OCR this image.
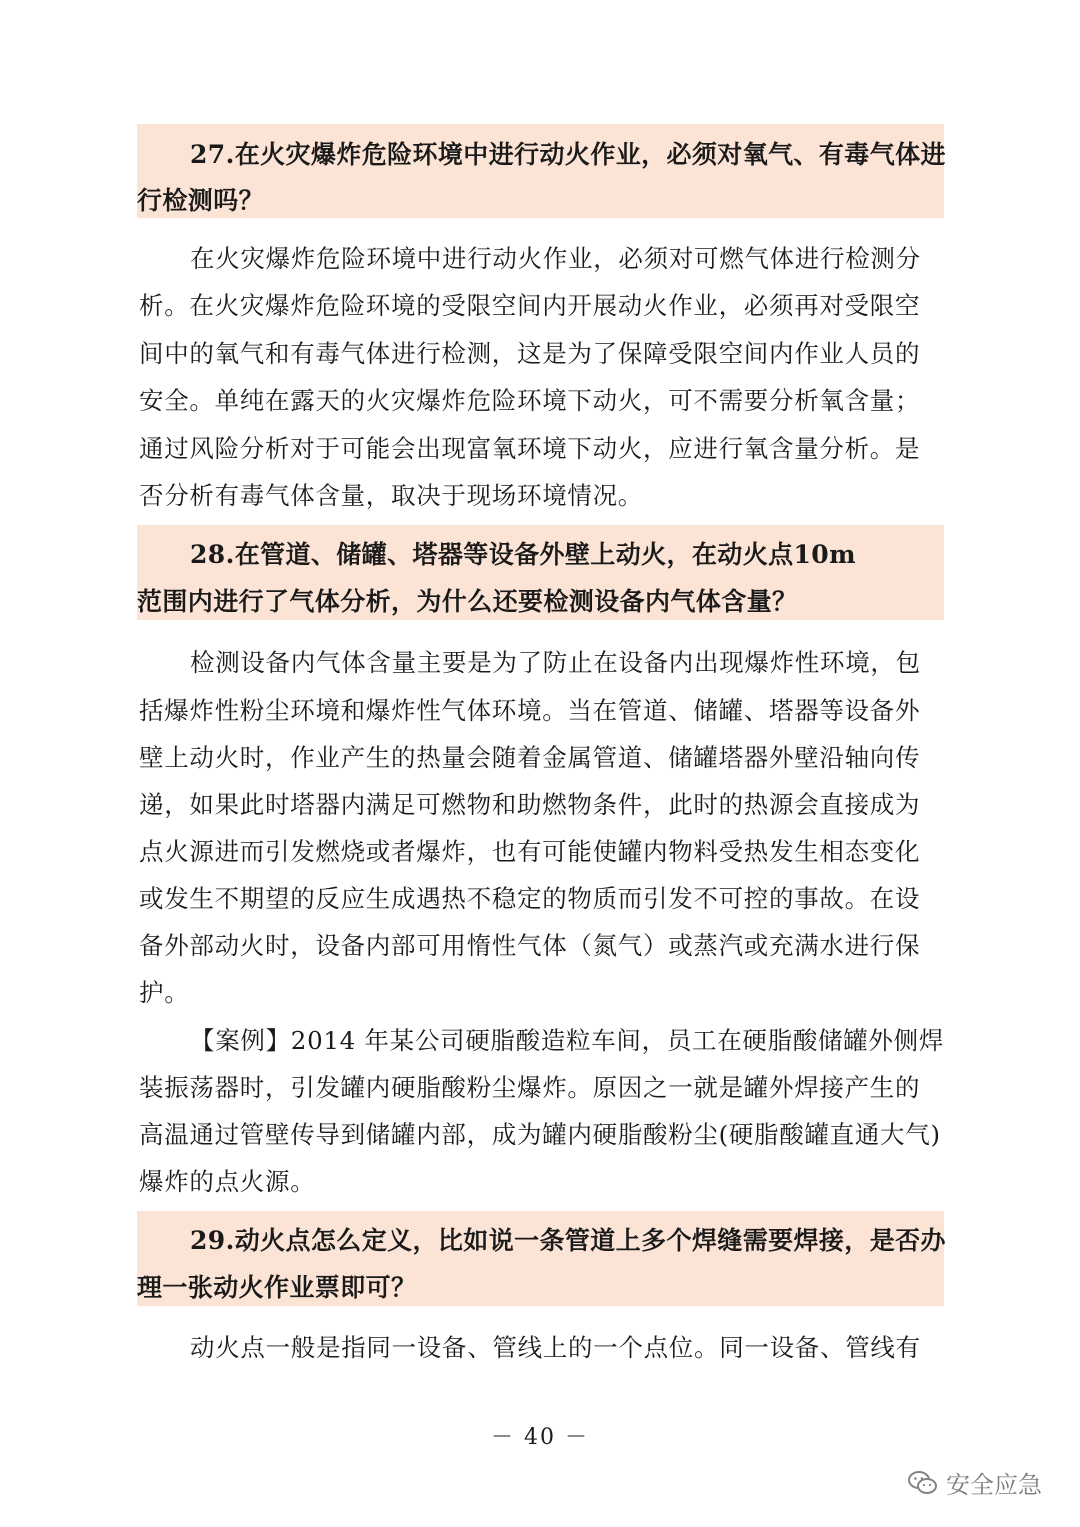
27.在火灾爆炸危险环境中进行动火作业，必须对氧气、有毒气体进
行检测吗？
在火灾爆炸危险环境中进行动火作业，必须对可燃气体进行检测分
析。在火灾爆炸危险环境的受限空间内开展动火作业，必须再对受限空
间中的氧气和有毒气体进行检测，这是为了保障受限空间内作业人员的
安全。单纯在露天的火灾爆炸危险环境下动火，可不需要分析氧含量；
通过风险分析对于可能会出现富氧环境下动火，应进行氧含量分析。是
否分析有毒气体含量，取决于现场环境情况。
28.在管道、储罐、塔器等设备外壁上动火，在动火点10m
范围内进行了气体分析，为什么还要检测设备内气体含量？
检测设备内气体含量主要是为了防止在设备内出现爆炸性环境，包
括爆炸性粉尘环境和爆炸性气体环境。当在管道、储罐、塔器等设备外
壁上动火时，作业产生的热量会随着金属管道、储罐塔器外壁沿轴向传
递，如果此时塔器内满足可燃物和助燃物条件，此时的热源会直接成为
点火源进而引发燃烧或者爆炸，也有可能使罐内物料受热发生相态变化
或发生不期望的反应生成遇热不稳定的物质而引发不可控的事故。在设
备外部动火时，设备内部可用惰性气体（氮气）或蒸汽或充满水进行保
护。
【案例】2014 年某公司硬脂酸造粒车间，员工在硬脂酸储罐外侧焊
装振荡器时，引发罐内硬脂酸粉尘爆炸。原因之一就是罐外焊接产生的
高温通过管壁传导到储罐内部，成为罐内硬脂酸粉尘(硬脂酸罐直通大气)
爆炸的点火源。
29.动火点怎么定义，比如说一条管道上多个焊缝需要焊接，是否办
理一张动火作业票即可？
动火点一般是指同一设备、管线上的一个点位。同一设备、管线有
－ 40 －
安全应急
